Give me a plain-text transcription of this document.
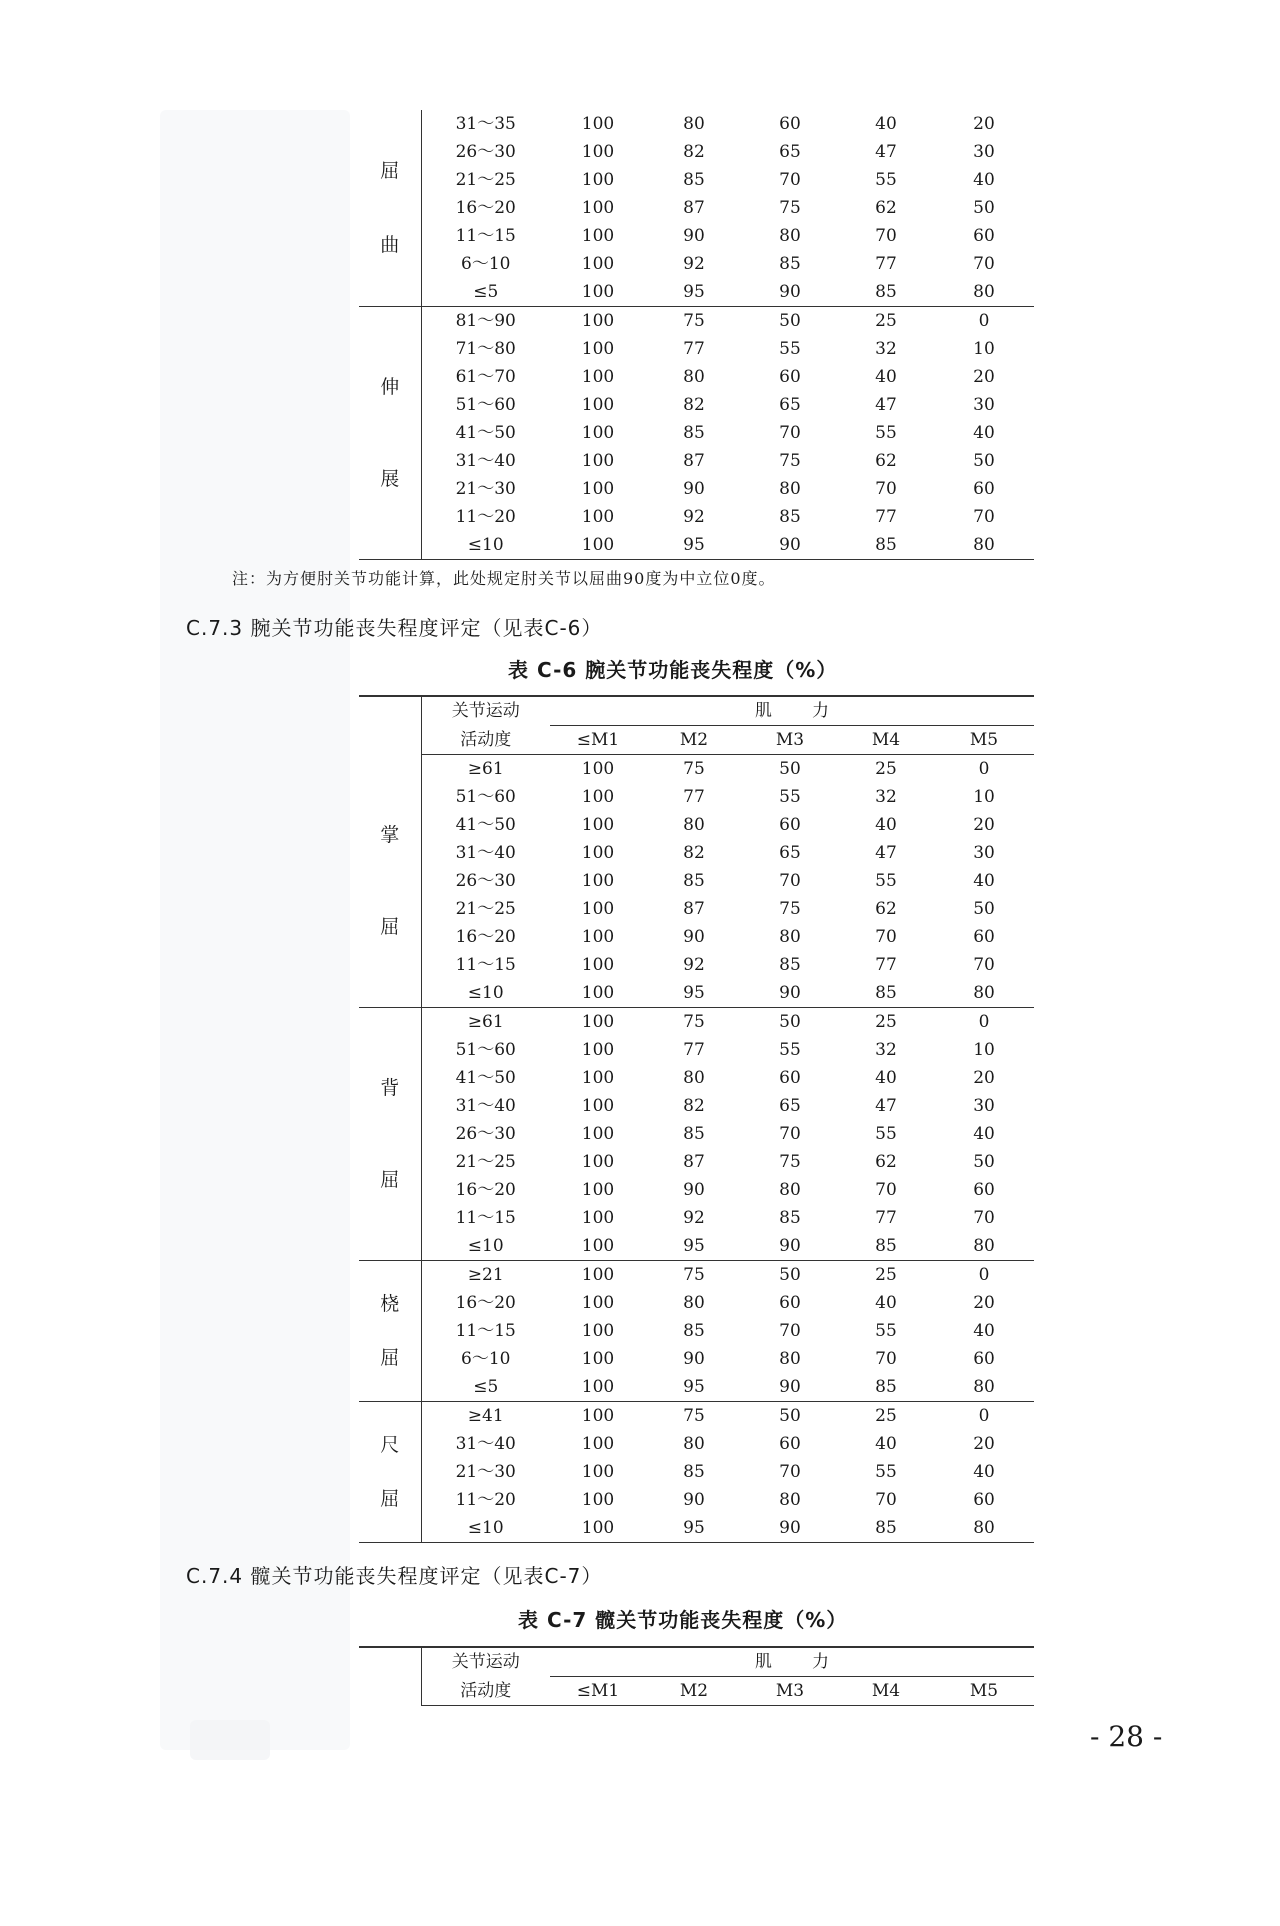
屈
曲	31～35	100	80	60	40	20
	26～30	100	82	65	47	30
	21～25	100	85	70	55	40
	16～20	100	87	75	62	50
	11～15	100	90	80	70	60
	6～10	100	92	85	77	70
	≤5	100	95	90	85	80

伸
展	81～90	100	75	50	25	0
	71～80	100	77	55	32	10
	61～70	100	80	60	40	20
	51～60	100	82	65	47	30
	41～50	100	85	70	55	40
	31～40	100	87	75	62	50
	21～30	100	90	80	70	60
	11～20	100	92	85	77	70
	≤10	100	95	90	85	80
注：为方便肘关节功能计算，此处规定肘关节以屈曲90度为中立位0度。
C.7.3 腕关节功能丧失程度评定（见表C-6）
表 C-6 腕关节功能丧失程度（%）
	关节运动	肌力				
	活动度	≤M1	M2	M3	M4	M5

掌
屈	≥61	100	75	50	25	0
	51～60	100	77	55	32	10
	41～50	100	80	60	40	20
	31～40	100	82	65	47	30
	26～30	100	85	70	55	40
	21～25	100	87	75	62	50
	16～20	100	90	80	70	60
	11～15	100	92	85	77	70
	≤10	100	95	90	85	80

背
屈	≥61	100	75	50	25	0
	51～60	100	77	55	32	10
	41～50	100	80	60	40	20
	31～40	100	82	65	47	30
	26～30	100	85	70	55	40
	21～25	100	87	75	62	50
	16～20	100	90	80	70	60
	11～15	100	92	85	77	70
	≤10	100	95	90	85	80

桡
屈	≥21	100	75	50	25	0
	16～20	100	80	60	40	20
	11～15	100	85	70	55	40
	6～10	100	90	80	70	60
	≤5	100	95	90	85	80

尺
屈	≥41	100	75	50	25	0
	31～40	100	80	60	40	20
	21～30	100	85	70	55	40
	11～20	100	90	80	70	60
	≤10	100	95	90	85	80
C.7.4 髋关节功能丧失程度评定（见表C-7）
表 C-7 髋关节功能丧失程度（%）
	关节运动	肌力				
	活动度	≤M1	M2	M3	M4	M5
- 28 -
